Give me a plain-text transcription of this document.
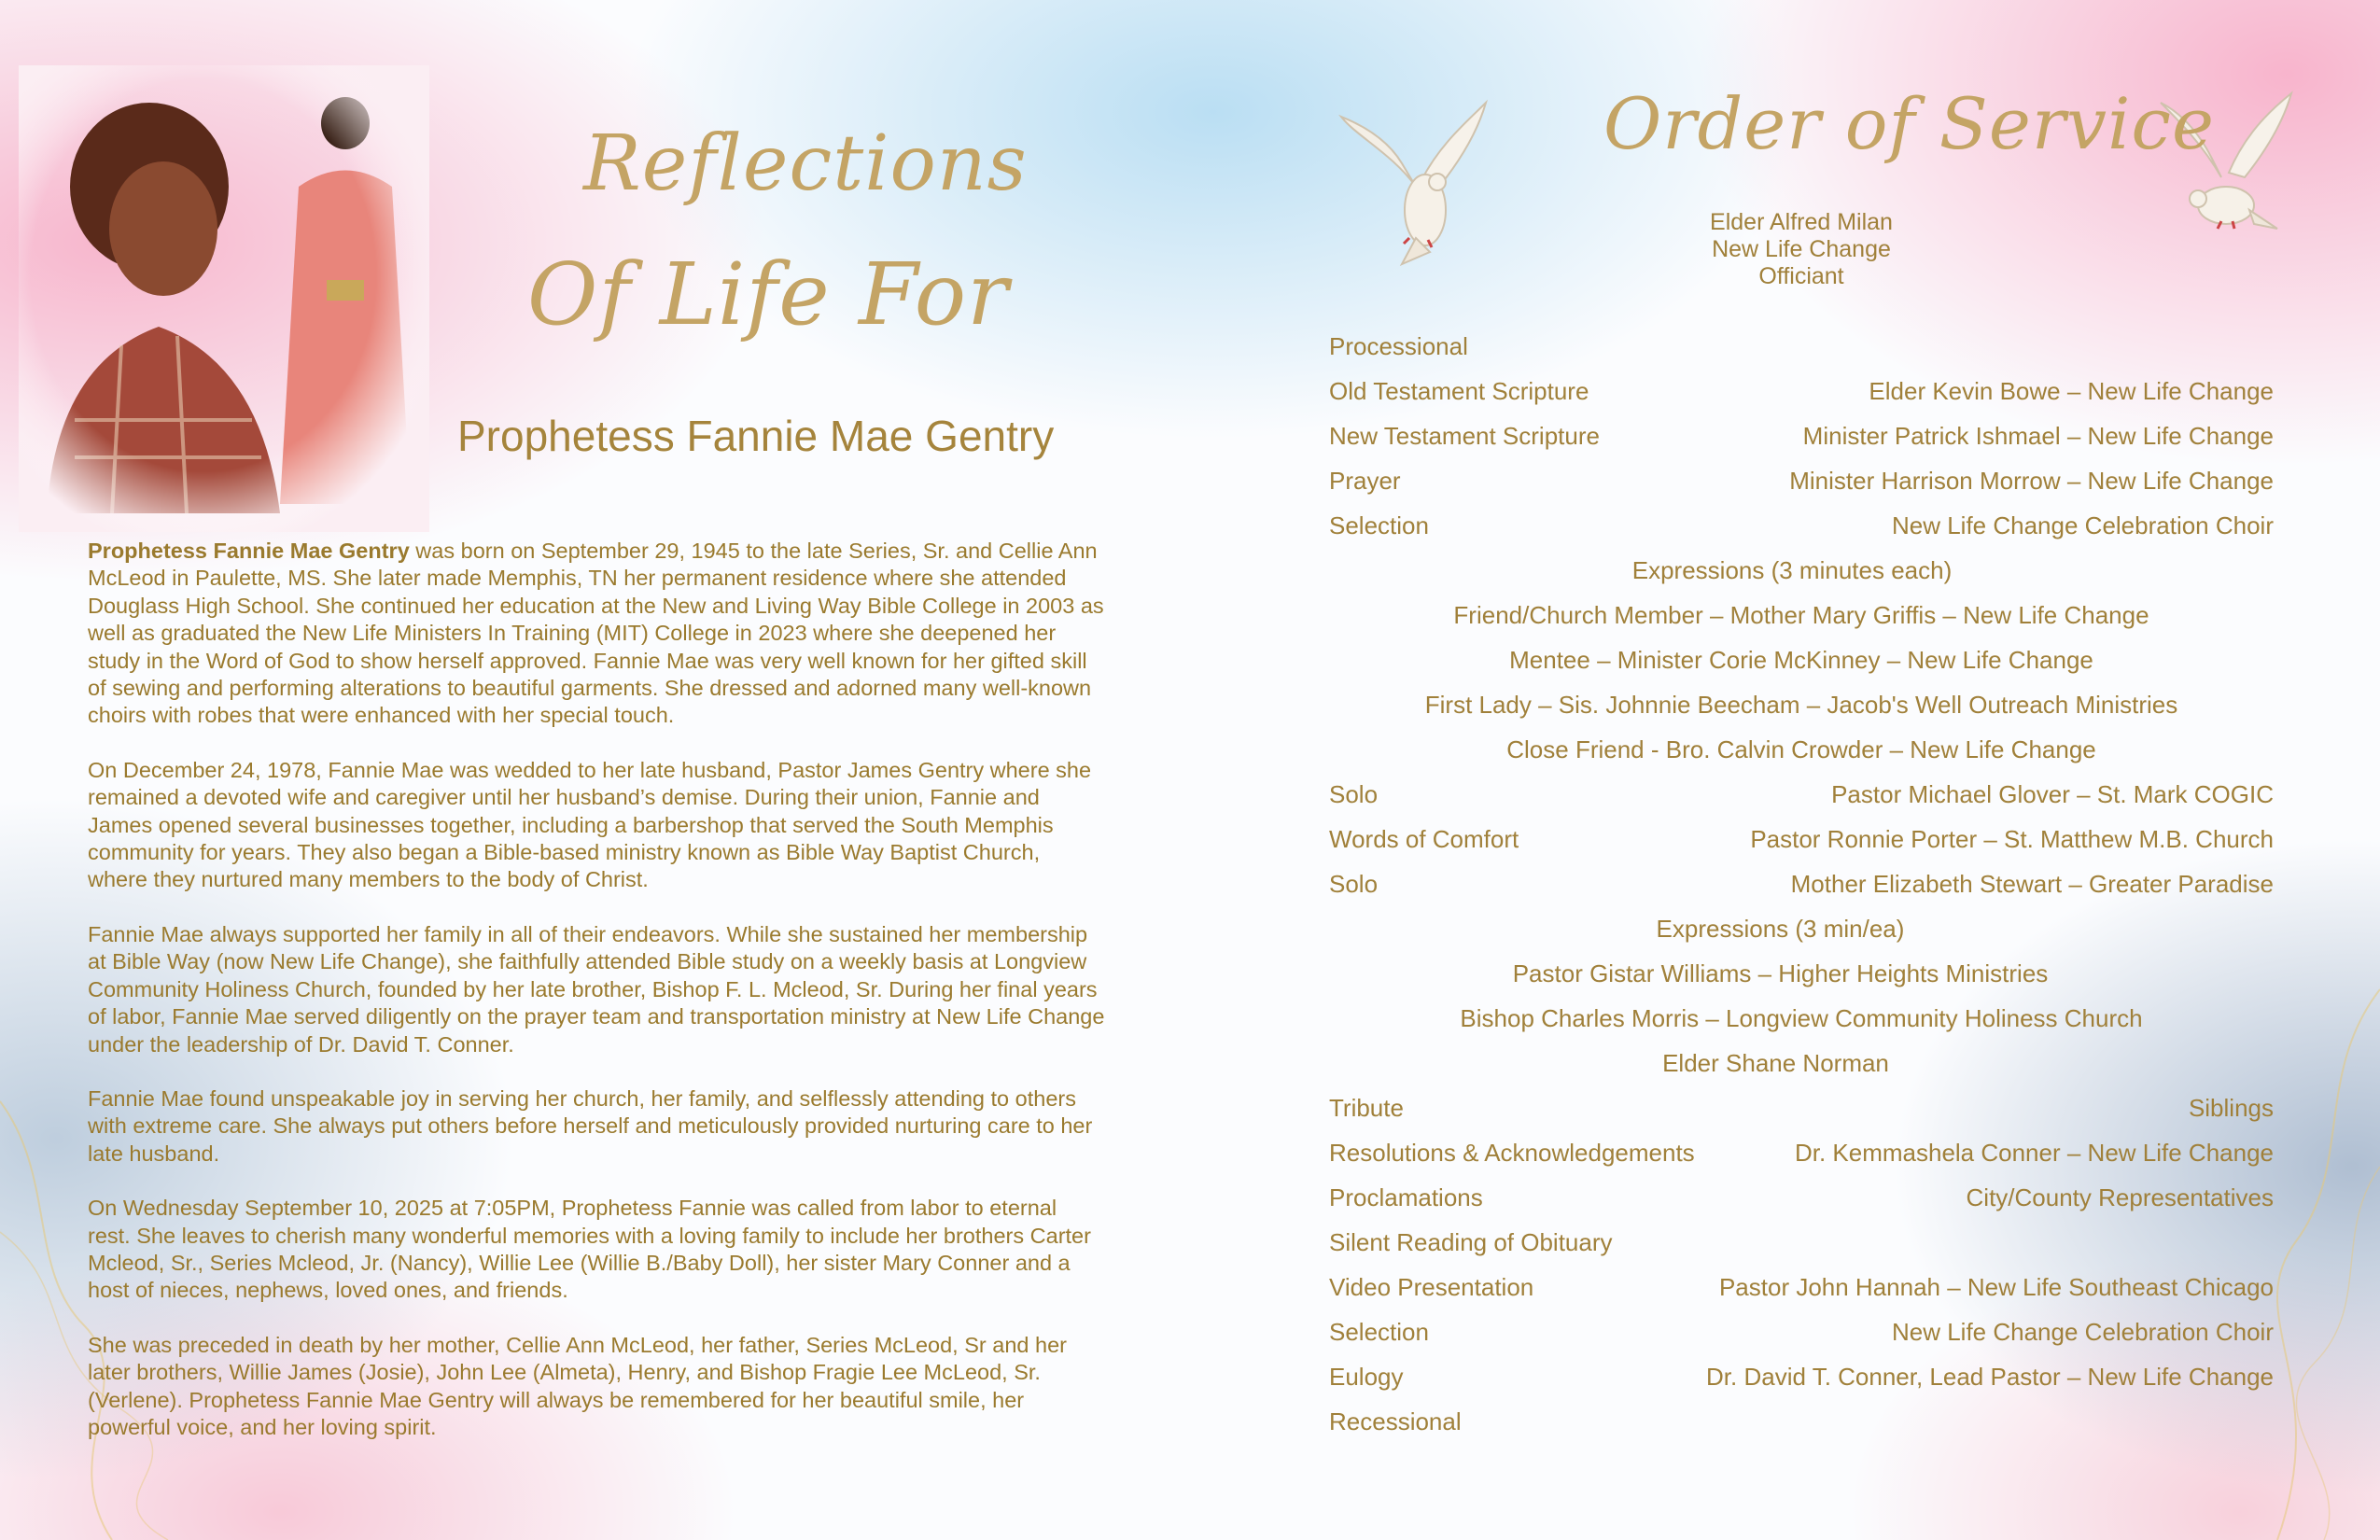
Reflections
Of Life For
Prophetess Fannie Mae Gentry

Prophetess Fannie Mae Gentry was born on September 29, 1945 to the late Series, Sr. and Cellie Ann McLeod in Paulette, MS. She later made Memphis, TN her permanent residence where she attended Douglass High School. She continued her education at the New and Living Way Bible College in 2003 as well as graduated the New Life Ministers In Training (MIT) College in 2023 where she deepened her study in the Word of God to show herself approved. Fannie Mae was very well known for her gifted skill of sewing and performing alterations to beautiful garments. She dressed and adorned many well-known choirs with robes that were enhanced with her special touch.

On December 24, 1978, Fannie Mae was wedded to her late husband, Pastor James Gentry where she remained a devoted wife and caregiver until her husband’s demise. During their union, Fannie and James opened several businesses together, including a barbershop that served the South Memphis community for years. They also began a Bible-based ministry known as Bible Way Baptist Church, where they nurtured many members to the body of Christ.

Fannie Mae always supported her family in all of their endeavors. While she sustained her membership at Bible Way (now New Life Change), she faithfully attended Bible study on a weekly basis at Longview Community Holiness Church, founded by her late brother, Bishop F. L. Mcleod, Sr. During her final years of labor, Fannie Mae served diligently on the prayer team and transportation ministry at New Life Change under the leadership of Dr. David T. Conner.

Fannie Mae found unspeakable joy in serving her church, her family, and selflessly attending to others with extreme care. She always put others before herself and meticulously provided nurturing care to her late husband.

On Wednesday September 10, 2025 at 7:05PM, Prophetess Fannie was called from labor to eternal rest. She leaves to cherish many wonderful memories with a loving family to include her brothers Carter Mcleod, Sr., Series Mcleod, Jr. (Nancy), Willie Lee (Willie B./Baby Doll), her sister Mary Conner and a host of nieces, nephews, loved ones, and friends.

She was preceded in death by her mother, Cellie Ann McLeod, her father, Series McLeod, Sr and her later brothers, Willie James (Josie), John Lee (Almeta), Henry, and Bishop Fragie Lee McLeod, Sr. (Verlene). Prophetess Fannie Mae Gentry will always be remembered for her beautiful smile, her powerful voice, and her loving spirit.

Order of Service
Elder Alfred Milan
New Life Change
Officiant
Processional
Old Testament Scripture	Elder Kevin Bowe – New Life Change
New Testament Scripture	Minister Patrick Ishmael – New Life Change
Prayer	Minister Harrison Morrow – New Life Change
Selection	New Life Change Celebration Choir
Expressions (3 minutes each)
Friend/Church Member – Mother Mary Griffis – New Life Change
Mentee – Minister Corie McKinney – New Life Change
First Lady – Sis. Johnnie Beecham – Jacob's Well Outreach Ministries
Close Friend - Bro. Calvin Crowder – New Life Change
Solo	Pastor Michael Glover – St. Mark COGIC
Words of Comfort	Pastor Ronnie Porter – St. Matthew M.B. Church
Solo	Mother Elizabeth Stewart – Greater Paradise
Expressions (3 min/ea)
Pastor Gistar Williams – Higher Heights Ministries
Bishop Charles Morris – Longview Community Holiness Church
Elder Shane Norman
Tribute	Siblings
Resolutions & Acknowledgements	Dr. Kemmashela Conner – New Life Change
Proclamations	City/County Representatives
Silent Reading of Obituary
Video Presentation	Pastor John Hannah – New Life Southeast Chicago
Selection	New Life Change Celebration Choir
Eulogy	Dr. David T. Conner, Lead Pastor – New Life Change
Recessional
